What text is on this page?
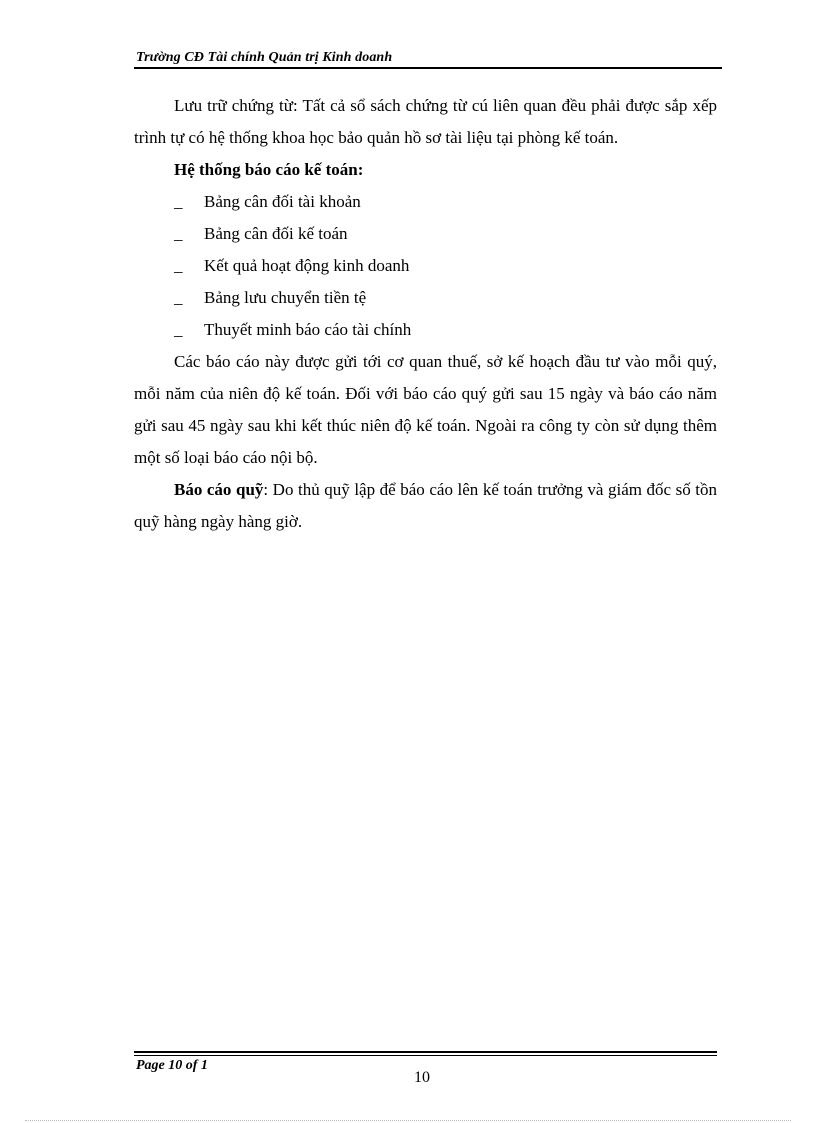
Trường CĐ Tài chính Quản trị Kinh doanh

Lưu trữ chứng từ: Tất cả sổ sách chứng từ cú liên quan đều phải được sắp xếp trình tự có hệ thống khoa học bảo quản hồ sơ tài liệu tại phòng kế toán.

Hệ thống báo cáo kế toán:

_	Bảng cân đối tài khoản
_	Bảng cân đối kế toán
_	Kết quả hoạt động kinh doanh
_	Bảng lưu chuyển tiền tệ
_	Thuyết minh báo cáo tài chính

Các báo cáo này được gửi tới cơ quan thuế, sở kế hoạch đầu tư vào mỗi quý, mỗi năm của niên độ kế toán. Đối với báo cáo quý gửi sau 15 ngày và báo cáo năm gửi sau 45 ngày sau khi kết thúc niên độ kế toán. Ngoài ra công ty còn sử dụng thêm một số loại báo cáo nội bộ.

Báo cáo quỹ: Do thủ quỹ lập để báo cáo lên kế toán trưởng và giám đốc số tồn quỹ hàng ngày hàng giờ.

Page 10 of 1
10
